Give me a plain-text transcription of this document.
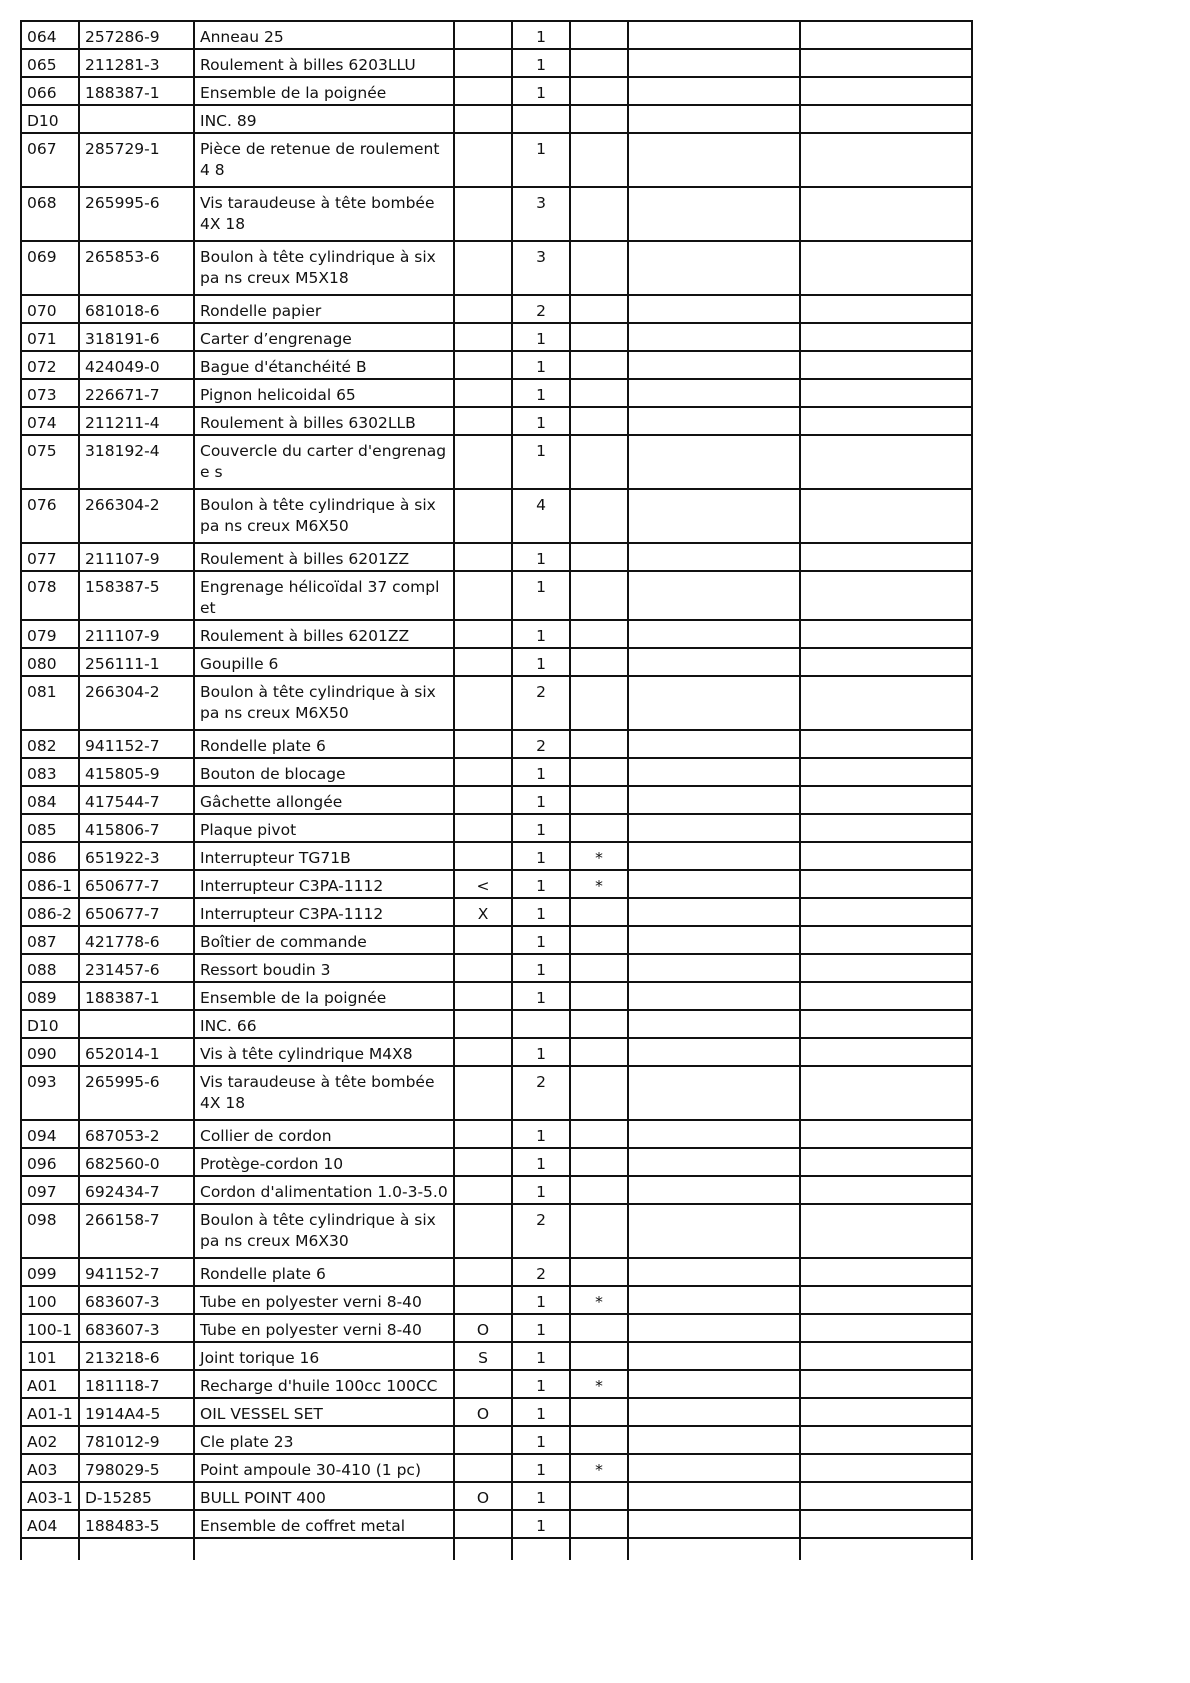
064	257286-9	Anneau 25		1			
065	211281-3	Roulement à billes 6203LLU		1			
066	188387-1	Ensemble de la poignée		1			
D10		INC. 89					
067	285729-1	Pièce de retenue de roulement 4 8		1			
068	265995-6	Vis taraudeuse à tête bombée 4X 18		3			
069	265853-6	Boulon à tête cylindrique à six pa ns creux M5X18		3			
070	681018-6	Rondelle papier		2			
071	318191-6	Carter d’engrenage		1			
072	424049-0	Bague d'étanchéité B		1			
073	226671-7	Pignon helicoidal 65		1			
074	211211-4	Roulement à billes 6302LLB		1			
075	318192-4	Couvercle du carter d'engrenage s		1			
076	266304-2	Boulon à tête cylindrique à six pa ns creux M6X50		4			
077	211107-9	Roulement à billes 6201ZZ		1			
078	158387-5	Engrenage hélicoïdal 37 complet		1			
079	211107-9	Roulement à billes 6201ZZ		1			
080	256111-1	Goupille 6		1			
081	266304-2	Boulon à tête cylindrique à six pa ns creux M6X50		2			
082	941152-7	Rondelle plate 6		2			
083	415805-9	Bouton de blocage		1			
084	417544-7	Gâchette allongée		1			
085	415806-7	Plaque pivot		1			
086	651922-3	Interrupteur TG71B		1	*		
086-1	650677-7	Interrupteur C3PA-1112	<	1	*		
086-2	650677-7	Interrupteur C3PA-1112	X	1			
087	421778-6	Boîtier de commande		1			
088	231457-6	Ressort boudin 3		1			
089	188387-1	Ensemble de la poignée		1			
D10		INC. 66					
090	652014-1	Vis à tête cylindrique M4X8		1			
093	265995-6	Vis taraudeuse à tête bombée 4X 18		2			
094	687053-2	Collier de cordon		1			
096	682560-0	Protège-cordon 10		1			
097	692434-7	Cordon d'alimentation 1.0-3-5.0		1			
098	266158-7	Boulon à tête cylindrique à six pa ns creux M6X30		2			
099	941152-7	Rondelle plate 6		2			
100	683607-3	Tube en polyester verni 8-40		1	*		
100-1	683607-3	Tube en polyester verni 8-40	O	1			
101	213218-6	Joint torique 16	S	1			
A01	181118-7	Recharge d'huile 100cc 100CC		1	*		
A01-1	1914A4-5	OIL VESSEL SET	O	1			
A02	781012-9	Cle plate 23		1			
A03	798029-5	Point ampoule 30-410 (1 pc)		1	*		
A03-1	D-15285	BULL POINT 400	O	1			
A04	188483-5	Ensemble de coffret metal		1			
